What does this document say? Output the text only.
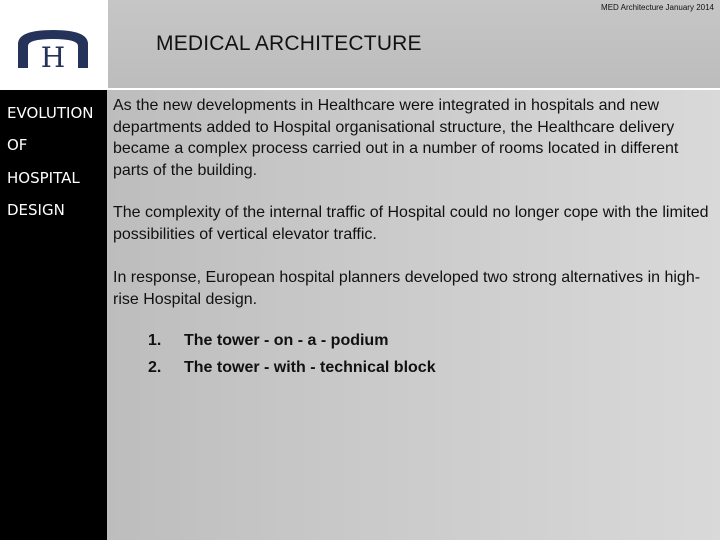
H
MED Architecture January 2014
MEDICAL ARCHITECTURE
EVOLUTION
OF
HOSPITAL
DESIGN
As the new developments in Healthcare were integrated in hospitals and new departments added to Hospital organisational structure, the Healthcare delivery became a complex process carried out in a number of rooms located in different parts of the building.
The complexity of the internal traffic of Hospital could no longer cope with the limited possibilities of vertical elevator traffic.
In response, European hospital planners developed two strong alternatives in high-rise Hospital design.
1.	The tower - on - a - podium
2.	The tower - with - technical block
